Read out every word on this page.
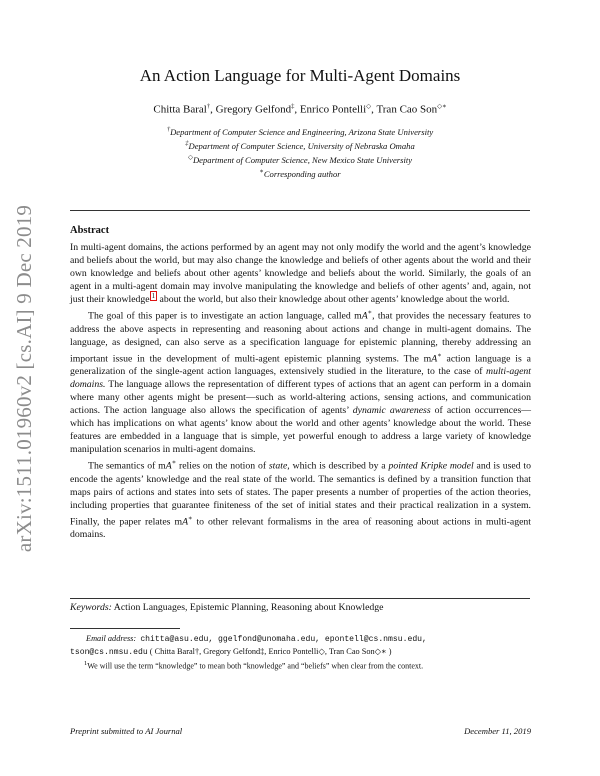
arXiv:1511.01960v2 [cs.AI] 9 Dec 2019
An Action Language for Multi-Agent Domains
Chitta Baral†, Gregory Gelfond‡, Enrico Pontelli◇, Tran Cao Son◇∗
†Department of Computer Science and Engineering, Arizona State University
‡Department of Computer Science, University of Nebraska Omaha
◇Department of Computer Science, New Mexico State University
∗Corresponding author
Abstract

In multi-agent domains, the actions performed by an agent may not only modify the world and the agent’s knowledge and beliefs about the world, but may also change the knowledge and beliefs of other agents about the world and their own knowledge and beliefs about other agents’ knowledge and beliefs about the world. Similarly, the goals of an agent in a multi-agent domain may involve manipulating the knowledge and beliefs of other agents’ and, again, not just their knowledge $^1$ about the world, but also their knowledge about other agents’ knowledge about the world.

The goal of this paper is to investigate an action language, called mA∗, that provides the necessary features to address the above aspects in representing and reasoning about actions and change in multi-agent domains. The language, as designed, can also serve as a specification language for epistemic planning, thereby addressing an important issue in the development of multi-agent epistemic planning systems. The mA∗ action language is a generalization of the single-agent action languages, extensively studied in the literature, to the case of multi-agent domains. The language allows the representation of different types of actions that an agent can perform in a domain where many other agents might be present—such as world-altering actions, sensing actions, and communication actions. The action language also allows the specification of agents’ dynamic awareness of action occurrences—which has implications on what agents’ know about the world and other agents’ knowledge about the world. These features are embedded in a language that is simple, yet powerful enough to address a large variety of knowledge manipulation scenarios in multi-agent domains.

The semantics of mA∗ relies on the notion of state, which is described by a pointed Kripke model and is used to encode the agents’ knowledge and the real state of the world. The semantics is defined by a transition function that maps pairs of actions and states into sets of states. The paper presents a number of properties of the action theories, including properties that guarantee finiteness of the set of initial states and their practical realization in a system. Finally, the paper relates mA∗ to other relevant formalisms in the area of reasoning about actions in multi-agent domains.

Keywords: Action Languages, Epistemic Planning, Reasoning about Knowledge
Email address: chitta@asu.edu, ggelfond@unomaha.edu, epontell@cs.nmsu.edu,
tson@cs.nmsu.edu ( Chitta Baral†, Gregory Gelfond‡, Enrico Pontelli◇, Tran Cao Son◇∗ )
$^1$We will use the term “knowledge” to mean both “knowledge” and “beliefs” when clear from the context.
Preprint submitted to AI Journal	December 11, 2019
